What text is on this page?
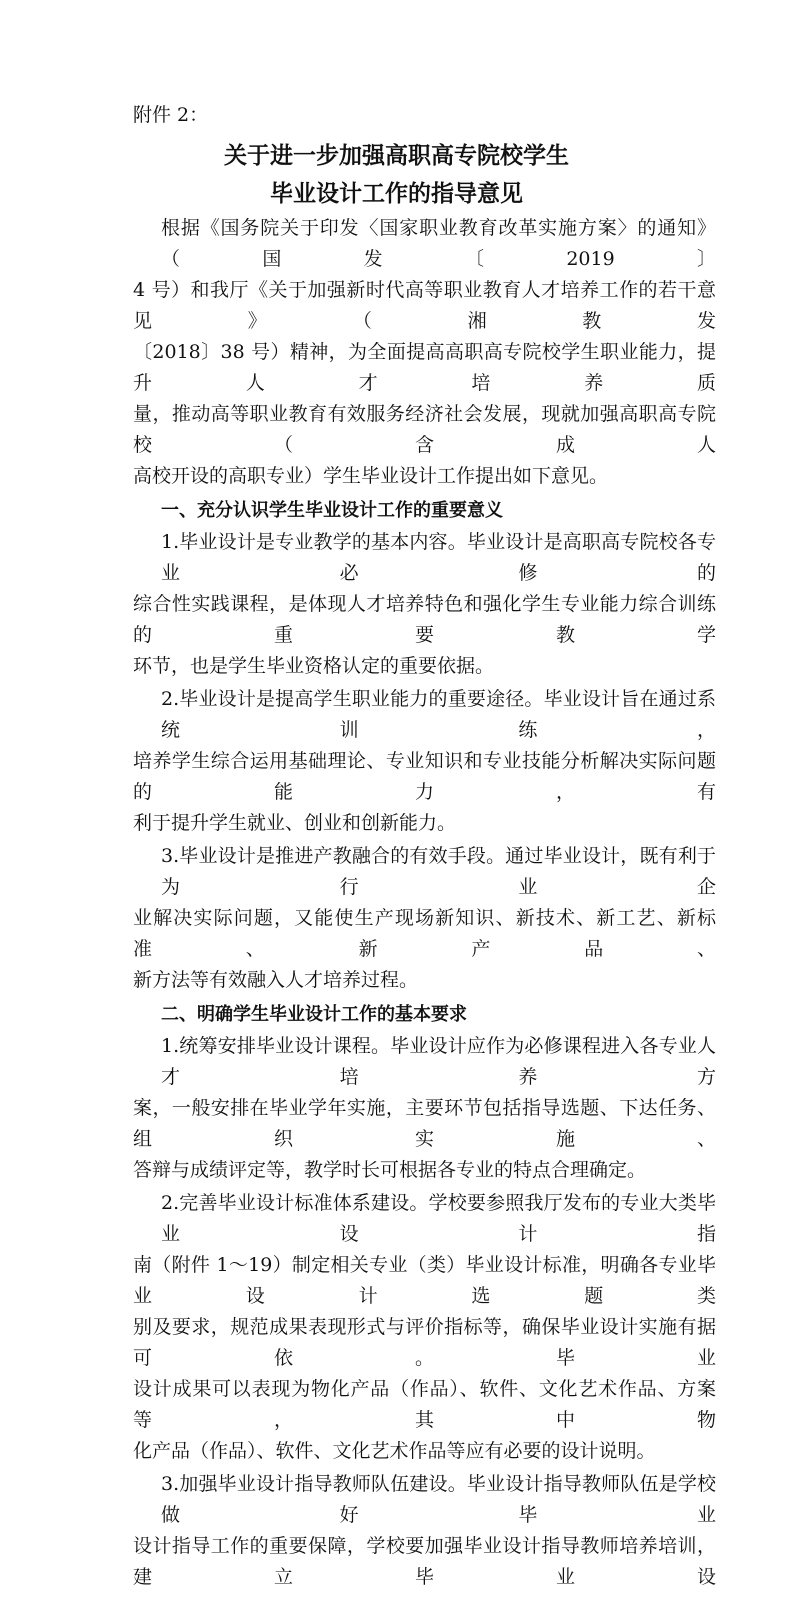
附件 2：
关于进一步加强高职高专院校学生
毕业设计工作的指导意见
根据《国务院关于印发〈国家职业教育改革实施方案〉的通知》（国发〔2019〕
4 号）和我厅《关于加强新时代高等职业教育人才培养工作的若干意见》（湘教发
〔2018〕38 号）精神，为全面提高高职高专院校学生职业能力，提升人才培养质
量，推动高等职业教育有效服务经济社会发展，现就加强高职高专院校（含成人
高校开设的高职专业）学生毕业设计工作提出如下意见。
一、充分认识学生毕业设计工作的重要意义
1.毕业设计是专业教学的基本内容。毕业设计是高职高专院校各专业必修的
综合性实践课程，是体现人才培养特色和强化学生专业能力综合训练的重要教学
环节，也是学生毕业资格认定的重要依据。
2.毕业设计是提高学生职业能力的重要途径。毕业设计旨在通过系统训练，
培养学生综合运用基础理论、专业知识和专业技能分析解决实际问题的能力，有
利于提升学生就业、创业和创新能力。
3.毕业设计是推进产教融合的有效手段。通过毕业设计，既有利于为行业企
业解决实际问题，又能使生产现场新知识、新技术、新工艺、新标准、新产品、
新方法等有效融入人才培养过程。
二、明确学生毕业设计工作的基本要求
1.统筹安排毕业设计课程。毕业设计应作为必修课程进入各专业人才培养方
案，一般安排在毕业学年实施，主要环节包括指导选题、下达任务、组织实施、
答辩与成绩评定等，教学时长可根据各专业的特点合理确定。
2.完善毕业设计标准体系建设。学校要参照我厅发布的专业大类毕业设计指
南（附件 1～19）制定相关专业（类）毕业设计标准，明确各专业毕业设计选题类
别及要求，规范成果表现形式与评价指标等，确保毕业设计实施有据可依。毕业
设计成果可以表现为物化产品（作品）、软件、文化艺术作品、方案等，其中物
化产品（作品）、软件、文化艺术作品等应有必要的设计说明。
3.加强毕业设计指导教师队伍建设。毕业设计指导教师队伍是学校做好毕业
设计指导工作的重要保障，学校要加强毕业设计指导教师培养培训，建立毕业设
